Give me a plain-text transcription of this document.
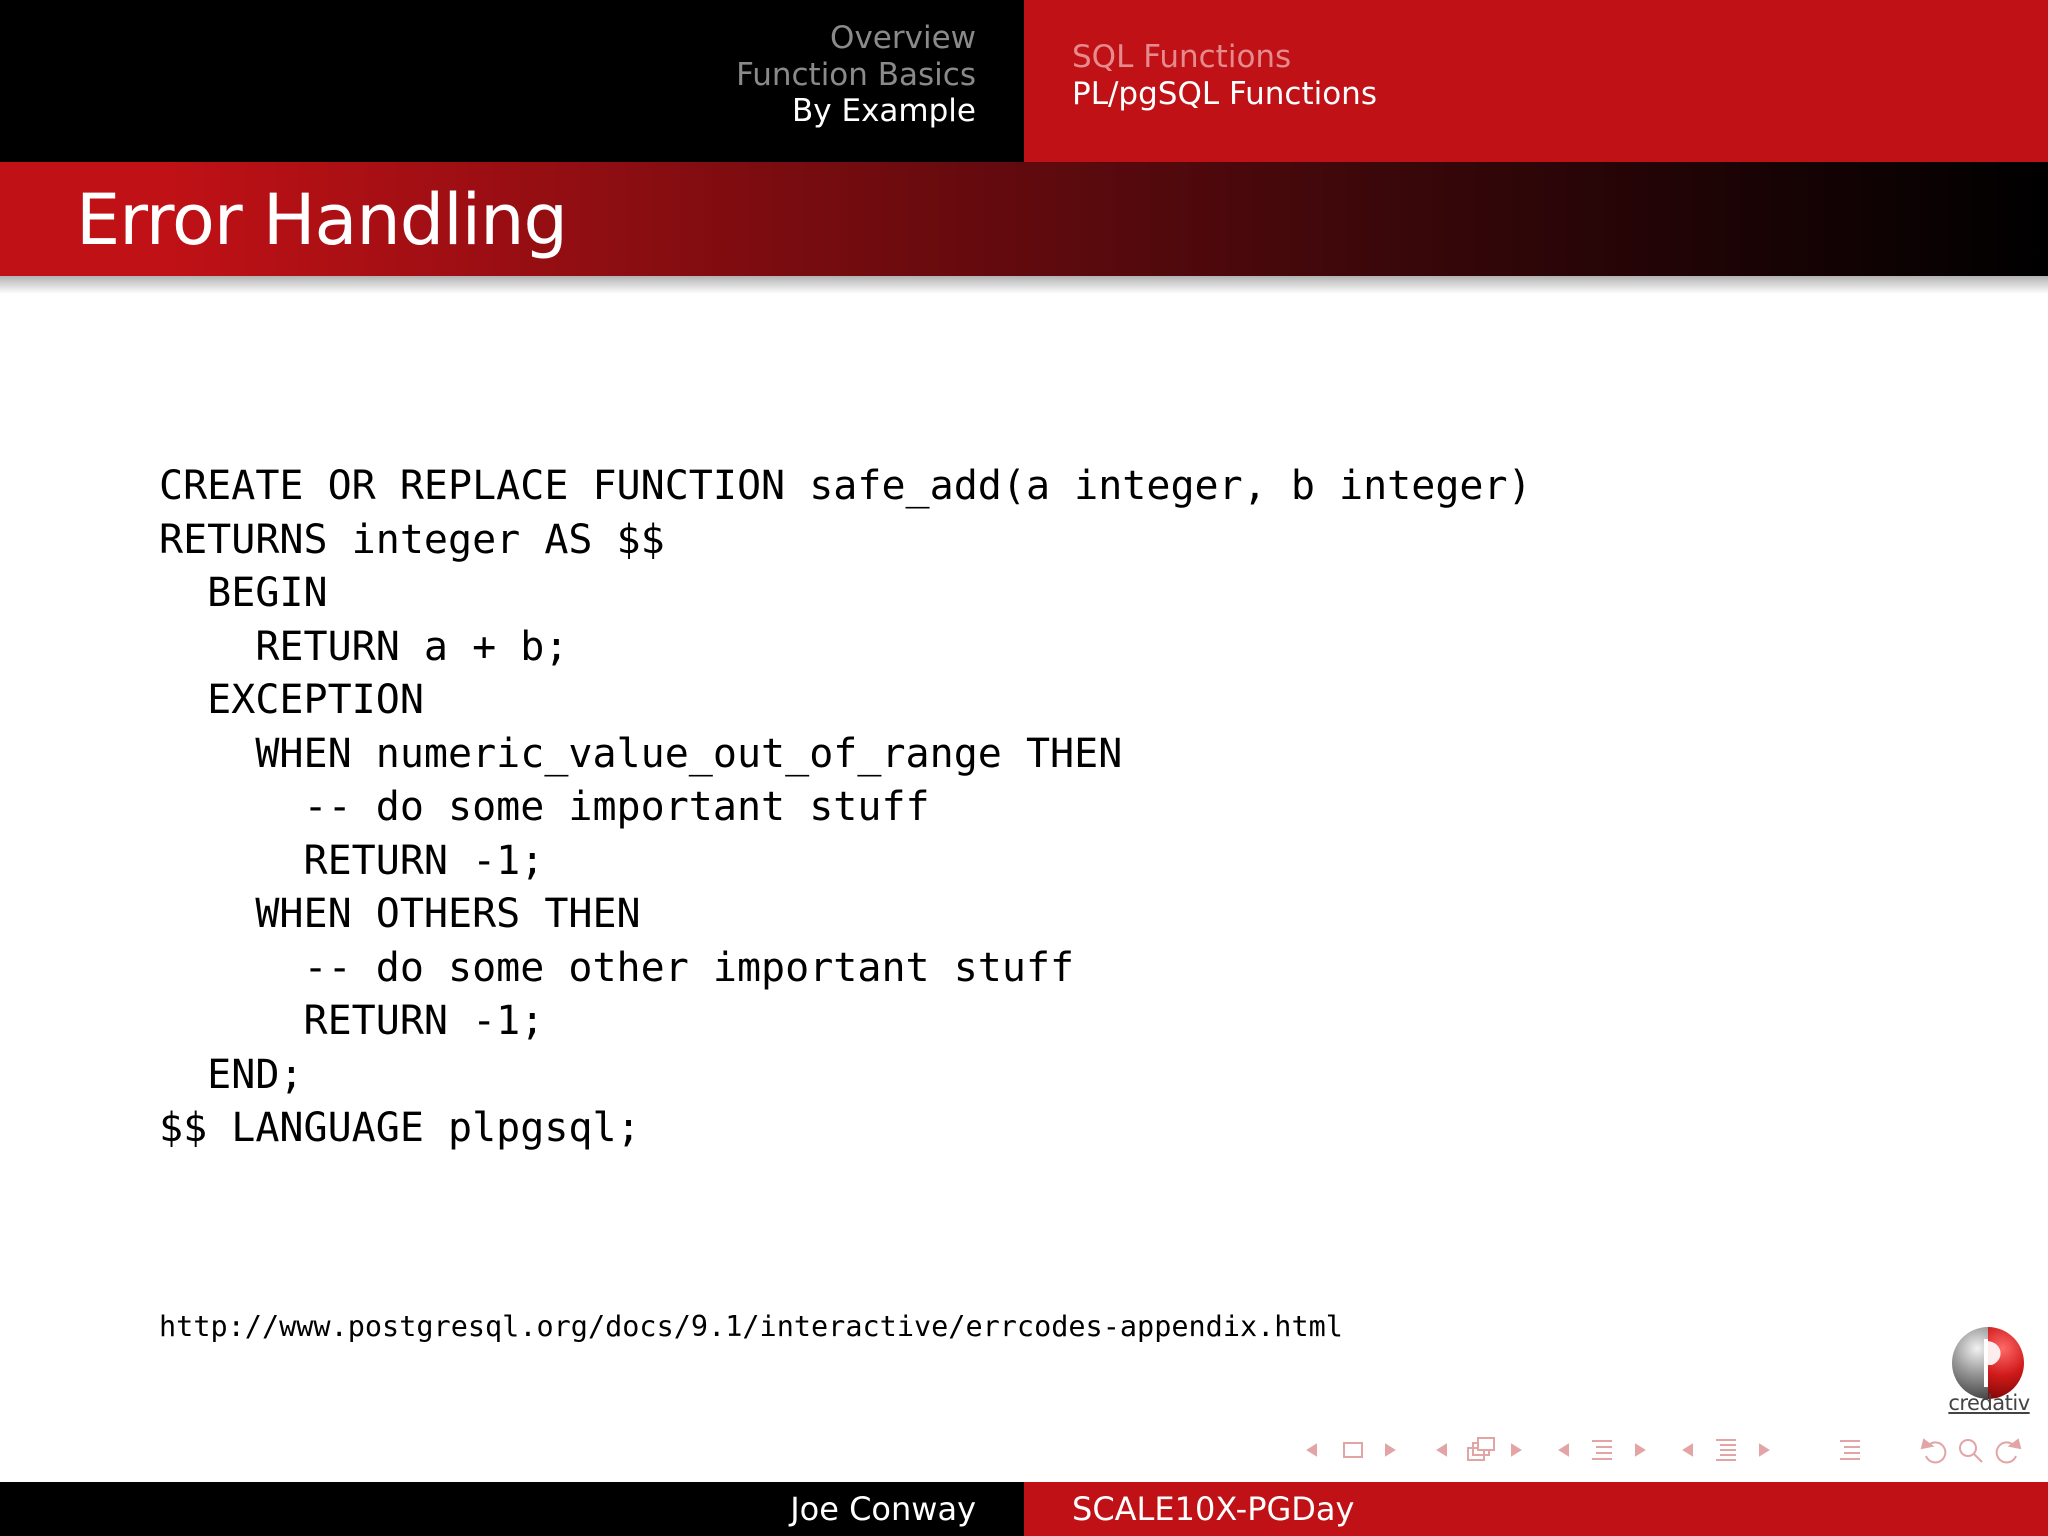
Overview
Function Basics
By Example
SQL Functions
PL/pgSQL Functions
Error Handling
CREATE OR REPLACE FUNCTION safe_add(a integer, b integer)
RETURNS integer AS $$
BEGIN
RETURN a + b;
EXCEPTION
WHEN numeric_value_out_of_range THEN
-- do some important stuff
RETURN -1;
WHEN OTHERS THEN
-- do some other important stuff
RETURN -1;
END;
$$ LANGUAGE plpgsql;
http://www.postgresql.org/docs/9.1/interactive/errcodes-appendix.html
credativ
Joe Conway	SCALE10X-PGDay
